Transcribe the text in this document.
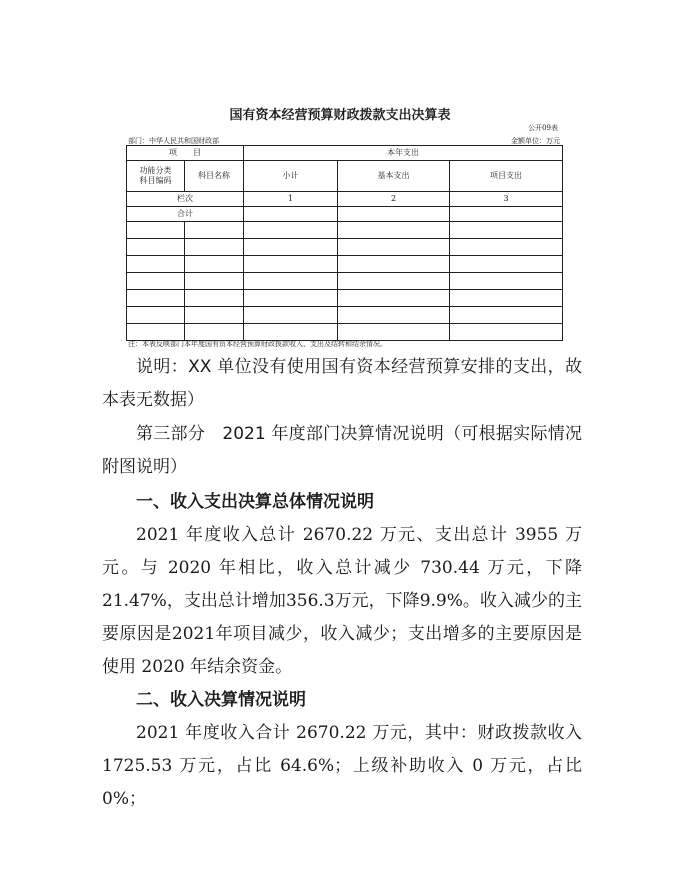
国有资本经营预算财政拨款支出决算表
公开09表
部门：中华人民共和国财政部	金额单位：万元
项　　目		本年支出		
功能分类
科目编码	科目名称	小计	基本支出	项目支出
栏次		1	2	3
合计				

注：本表反映部门本年度国有资本经营预算财政拨款收入、支出及结转和结余情况。

说明：XX 单位没有使用国有资本经营预算安排的支出，故本表无数据）

第三部分　2021 年度部门决算情况说明（可根据实际情况附图说明）

一、收入支出决算总体情况说明

2021 年度收入总计 2670.22 万元、支出总计 3955 万元。与 2020 年相比，收入总计减少 730.44 万元，下降 21.47%，支出总计增加356.3万元，下降9.9%。收入减少的主要原因是2021年项目减少，收入减少；支出增多的主要原因是使用 2020 年结余资金。

二、收入决算情况说明

2021 年度收入合计 2670.22 万元，其中：财政拨款收入 1725.53 万元，占比 64.6%；上级补助收入 0 万元，占比 0%；
